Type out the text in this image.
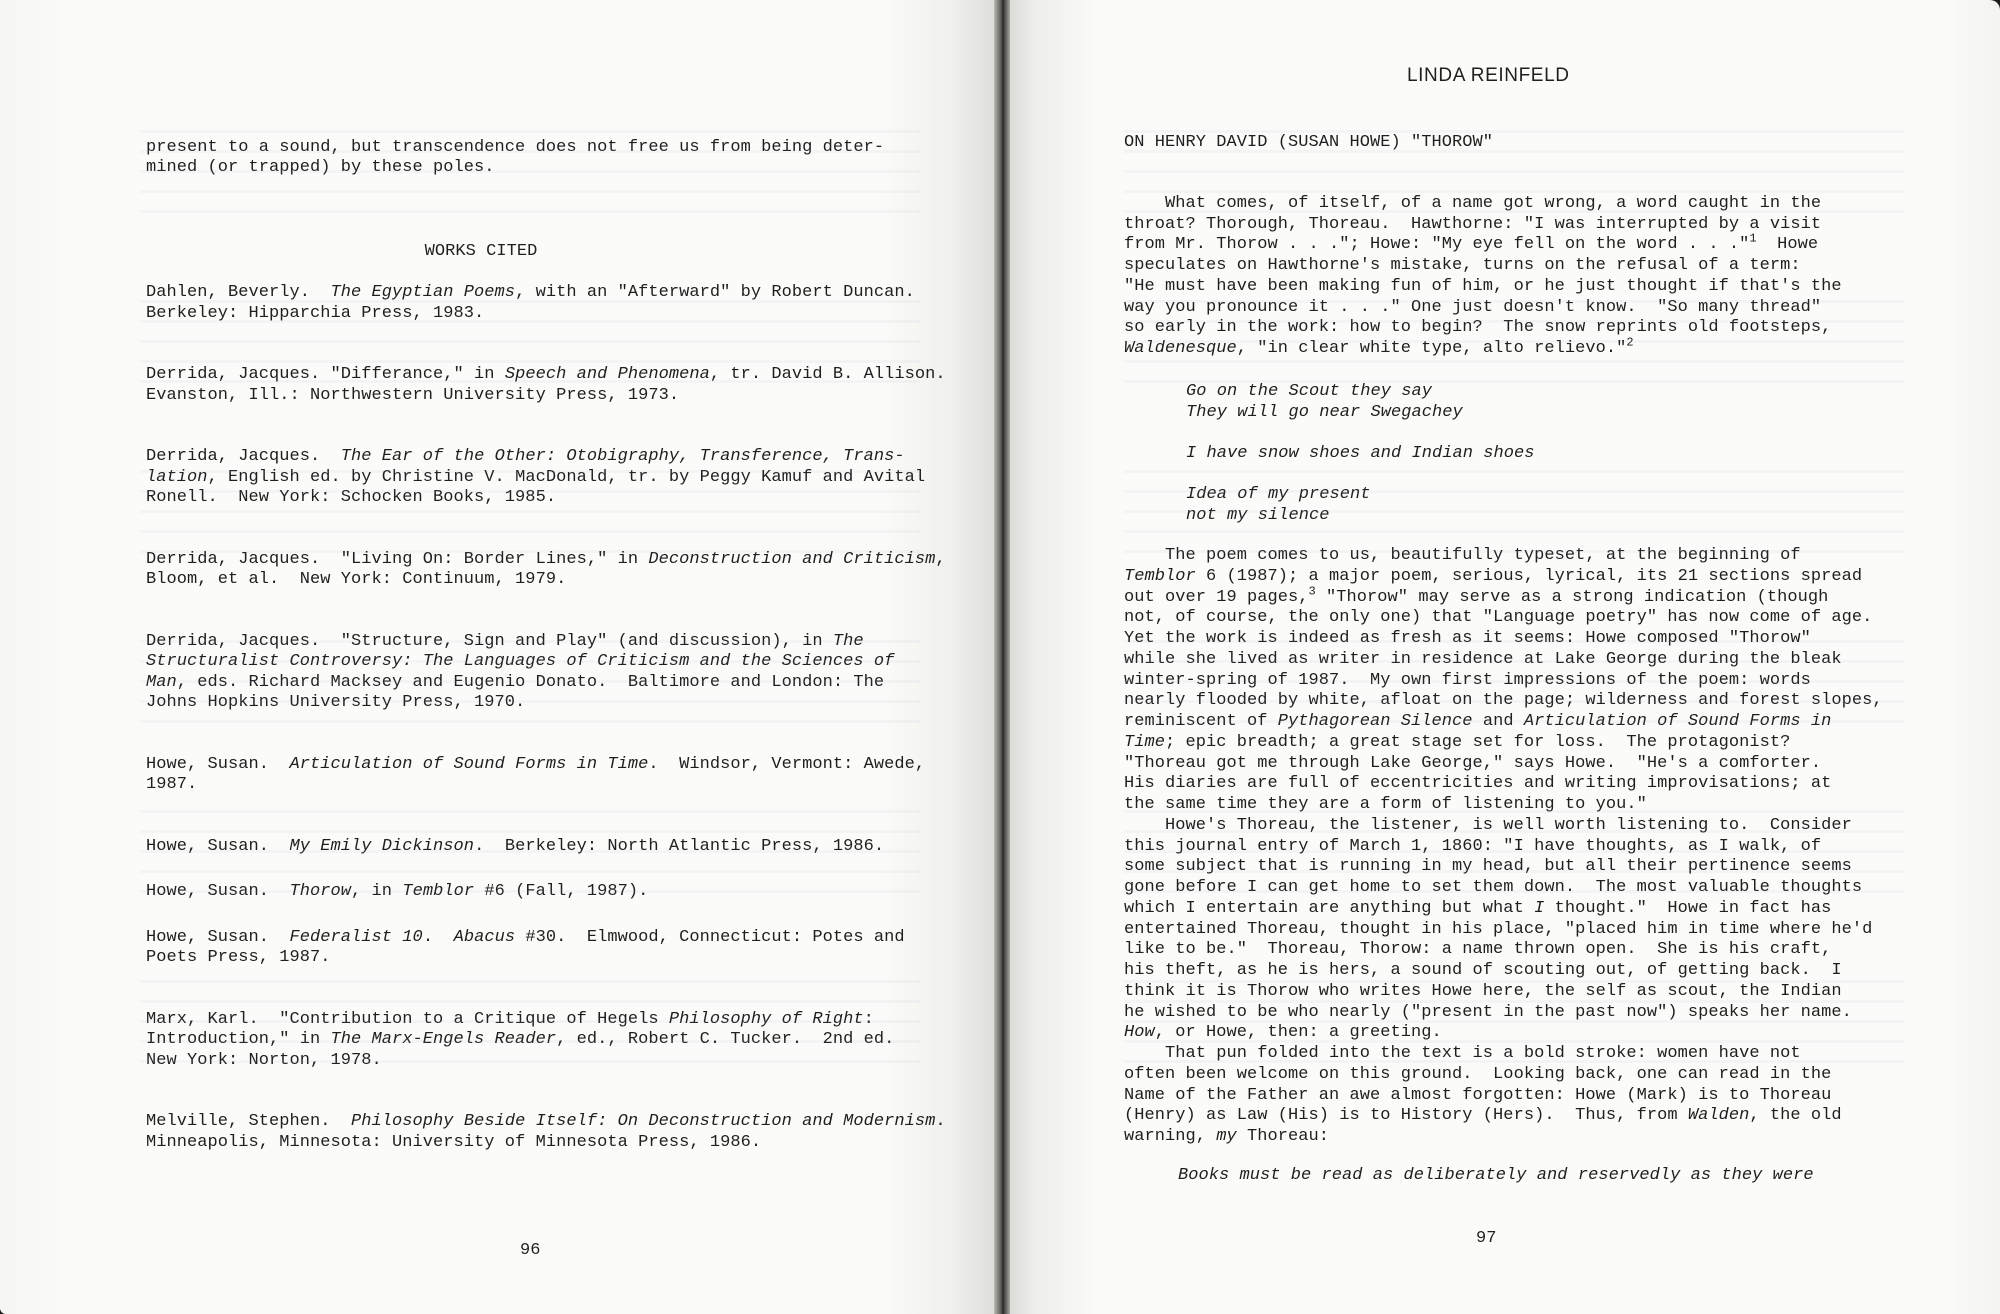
present to a sound, but transcendence does not free us from being deter-
mined (or trapped) by these poles.
WORKS CITED
Dahlen, Beverly.  The Egyptian Poems, with an "Afterward" by Robert Duncan.
Berkeley: Hipparchia Press, 1983.
Derrida, Jacques. "Differance," in Speech and Phenomena, tr. David B. Allison.
Evanston, Ill.: Northwestern University Press, 1973.
Derrida, Jacques.  The Ear of the Other: Otobigraphy, Transference, Trans-
lation, English ed. by Christine V. MacDonald, tr. by Peggy Kamuf and Avital
Ronell.  New York: Schocken Books, 1985.
Derrida, Jacques.  "Living On: Border Lines," in Deconstruction and Criticism,
Bloom, et al.  New York: Continuum, 1979.
Derrida, Jacques.  "Structure, Sign and Play" (and discussion), in The
Structuralist Controversy: The Languages of Criticism and the Sciences of
Man, eds. Richard Macksey and Eugenio Donato.  Baltimore and London: The
Johns Hopkins University Press, 1970.
Howe, Susan.  Articulation of Sound Forms in Time.  Windsor, Vermont: Awede,
1987.
Howe, Susan.  My Emily Dickinson.  Berkeley: North Atlantic Press, 1986.
Howe, Susan.  Thorow, in Temblor #6 (Fall, 1987).
Howe, Susan.  Federalist 10.  Abacus #30.  Elmwood, Connecticut: Potes and
Poets Press, 1987.
Marx, Karl.  "Contribution to a Critique of Hegels Philosophy of Right:
Introduction," in The Marx-Engels Reader, ed., Robert C. Tucker.  2nd ed.
New York: Norton, 1978.
Melville, Stephen.  Philosophy Beside Itself: On Deconstruction and Modernism.
Minneapolis, Minnesota: University of Minnesota Press, 1986.
96
LINDA REINFELD
ON HENRY DAVID (SUSAN HOWE) "THOROW"
What comes, of itself, of a name got wrong, a word caught in the
throat? Thorough, Thoreau.  Hawthorne: "I was interrupted by a visit
from Mr. Thorow . . ."; Howe: "My eye fell on the word . . ."$^1$  Howe
speculates on Hawthorne's mistake, turns on the refusal of a term:
"He must have been making fun of him, or he just thought if that's the
way you pronounce it . . ." One just doesn't know.  "So many thread"
so early in the work: how to begin?  The snow reprints old footsteps,
Waldenesque, "in clear white type, alto relievo."$^2$
Go on the Scout they say
They will go near Swegachey
I have snow shoes and Indian shoes
Idea of my present
not my silence
The poem comes to us, beautifully typeset, at the beginning of
Temblor 6 (1987); a major poem, serious, lyrical, its 21 sections spread
out over 19 pages,$^3$ "Thorow" may serve as a strong indication (though
not, of course, the only one) that "Language poetry" has now come of age.
Yet the work is indeed as fresh as it seems: Howe composed "Thorow"
while she lived as writer in residence at Lake George during the bleak
winter-spring of 1987.  My own first impressions of the poem: words
nearly flooded by white, afloat on the page; wilderness and forest slopes,
reminiscent of Pythagorean Silence and Articulation of Sound Forms in
Time; epic breadth; a great stage set for loss.  The protagonist?
"Thoreau got me through Lake George," says Howe.  "He's a comforter.
His diaries are full of eccentricities and writing improvisations; at
the same time they are a form of listening to you."
Howe's Thoreau, the listener, is well worth listening to.  Consider
this journal entry of March 1, 1860: "I have thoughts, as I walk, of
some subject that is running in my head, but all their pertinence seems
gone before I can get home to set them down.  The most valuable thoughts
which I entertain are anything but what I thought."  Howe in fact has
entertained Thoreau, thought in his place, "placed him in time where he'd
like to be."  Thoreau, Thorow: a name thrown open.  She is his craft,
his theft, as he is hers, a sound of scouting out, of getting back.  I
think it is Thorow who writes Howe here, the self as scout, the Indian
he wished to be who nearly ("present in the past now") speaks her name.
How, or Howe, then: a greeting.
That pun folded into the text is a bold stroke: women have not
often been welcome on this ground.  Looking back, one can read in the
Name of the Father an awe almost forgotten: Howe (Mark) is to Thoreau
(Henry) as Law (His) is to History (Hers).  Thus, from Walden, the old
warning, my Thoreau:
Books must be read as deliberately and reservedly as they were
97
